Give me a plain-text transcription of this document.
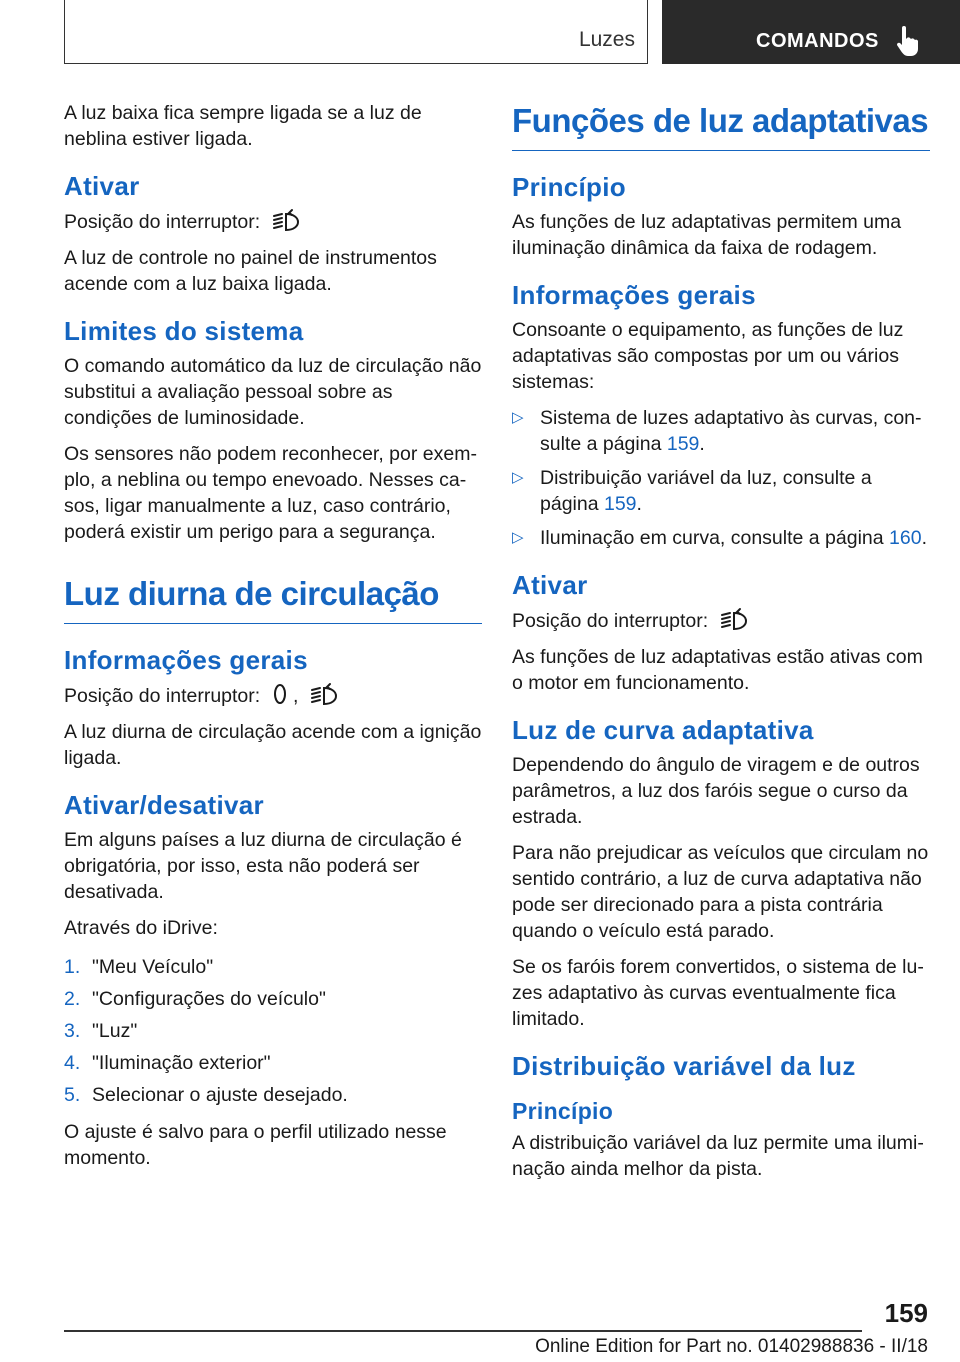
Luzes	COMANDOS

A luz baixa fica sempre ligada se a luz de neblina estiver ligada.

Ativar

Posição do interruptor:

A luz de controle no painel de instrumentos acende com a luz baixa ligada.

Limites do sistema

O comando automático da luz de circulação não substitui a avaliação pessoal sobre as condições de luminosidade.

Os sensores não podem reconhecer, por exemplo, a neblina ou tempo enevoado. Nesses casos, ligar manualmente a luz, caso contrário, poderá existir um perigo para a segurança.

Luz diurna de circulação
Informações gerais

Posição do interruptor: ,

A luz diurna de circulação acende com a ignição ligada.

Ativar/desativar

Em alguns países a luz diurna de circulação é obrigatória, por isso, esta não poderá ser desativada.

Através do iDrive:

1. "Meu Veículo"
2. "Configurações do veículo"
3. "Luz"
4. "Iluminação exterior"
5. Selecionar o ajuste desejado.

O ajuste é salvo para o perfil utilizado nesse momento.

Funções de luz adaptativas
Princípio

As funções de luz adaptativas permitem uma iluminação dinâmica da faixa de rodagem.

Informações gerais

Consoante o equipamento, as funções de luz adaptativas são compostas por um ou vários sistemas:

▷ Sistema de luzes adaptativo às curvas, consulte a página 159.
▷ Distribuição variável da luz, consulte a página 159.
▷ Iluminação em curva, consulte a página 160.
Ativar

Posição do interruptor:

As funções de luz adaptativas estão ativas com o motor em funcionamento.

Luz de curva adaptativa

Dependendo do ângulo de viragem e de outros parâmetros, a luz dos faróis segue o curso da estrada.

Para não prejudicar as veículos que circulam no sentido contrário, a luz de curva adaptativa não pode ser direcionado para a pista contrária quando o veículo está parado.

Se os faróis forem convertidos, o sistema de luzes adaptativo às curvas eventualmente fica limitado.

Distribuição variável da luz
Princípio

A distribuição variável da luz permite uma iluminação ainda melhor da pista.

159
Online Edition for Part no. 01402988836 - II/18
